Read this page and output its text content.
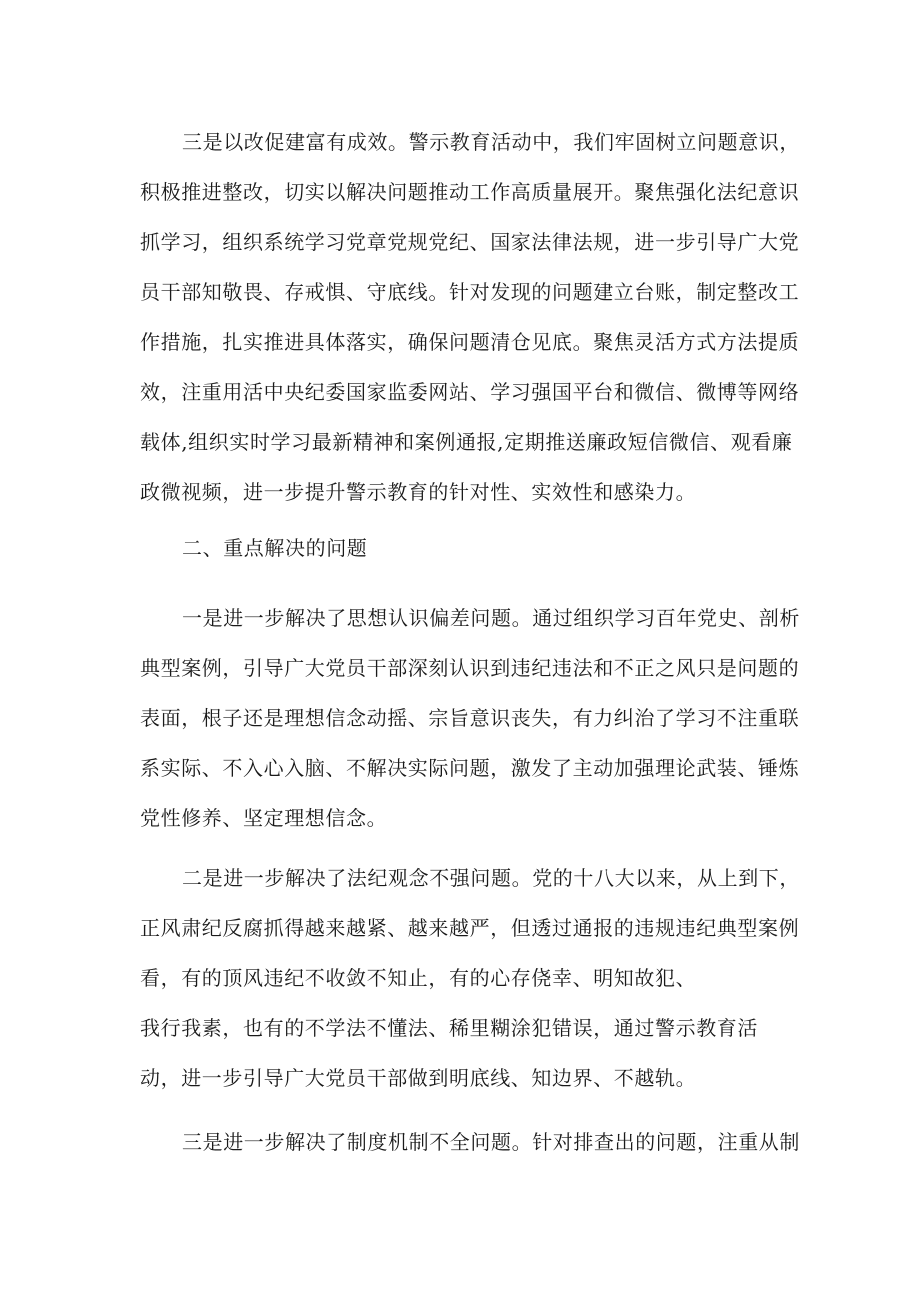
三是以改促建富有成效。警示教育活动中，我们牢固树立问题意识，
积极推进整改，切实以解决问题推动工作高质量展开。聚焦强化法纪意识
抓学习，组织系统学习党章党规党纪、国家法律法规，进一步引导广大党
员干部知敬畏、存戒惧、守底线。针对发现的问题建立台账，制定整改工
作措施，扎实推进具体落实，确保问题清仓见底。聚焦灵活方式方法提质
效，注重用活中央纪委国家监委网站、学习强国平台和微信、微博等网络
载体,组织实时学习最新精神和案例通报,定期推送廉政短信微信、观看廉
政微视频，进一步提升警示教育的针对性、实效性和感染力。
二、重点解决的问题
一是进一步解决了思想认识偏差问题。通过组织学习百年党史、剖析
典型案例，引导广大党员干部深刻认识到违纪违法和不正之风只是问题的
表面，根子还是理想信念动摇、宗旨意识丧失，有力纠治了学习不注重联
系实际、不入心入脑、不解决实际问题，激发了主动加强理论武装、锤炼
党性修养、坚定理想信念。
二是进一步解决了法纪观念不强问题。党的十八大以来，从上到下，
正风肃纪反腐抓得越来越紧、越来越严，但透过通报的违规违纪典型案例
看，有的顶风违纪不收敛不知止，有的心存侥幸、明知故犯、
我行我素，也有的不学法不懂法、稀里糊涂犯错误，通过警示教育活
动，进一步引导广大党员干部做到明底线、知边界、不越轨。
三是进一步解决了制度机制不全问题。针对排查出的问题，注重从制
